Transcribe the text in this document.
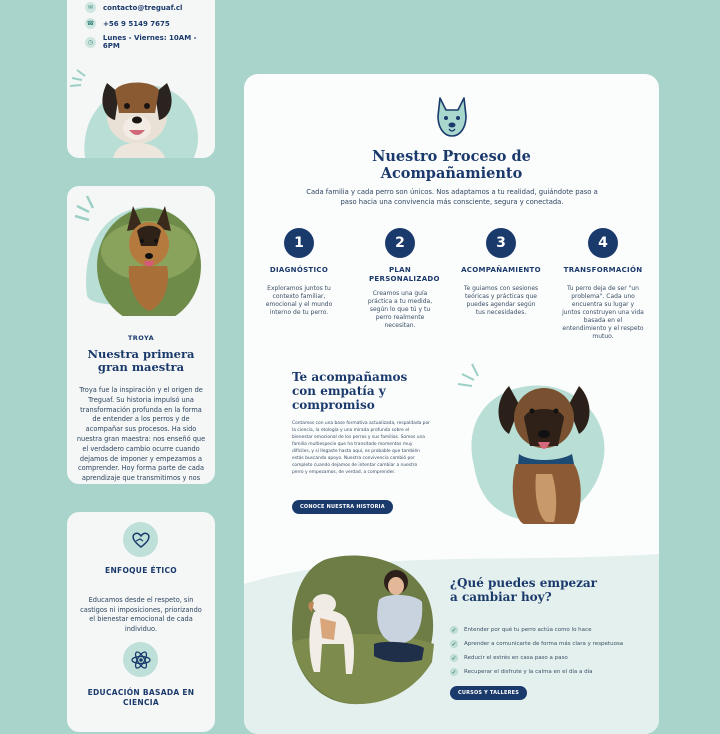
✉	contacto@treguaf.cl
☎ +56 9 5149 7675
◷	Lunes - Viernes: 10AM - 6PM
TROYA
Nuestra primera gran maestra
Troya fue la inspiración y el origen de Treguaf. Su historia impulsó una transformación profunda en la forma de entender a los perros y de acompañar sus procesos. Ha sido nuestra gran maestra: nos enseñó que el verdadero cambio ocurre cuando dejamos de imponer y empezamos a comprender. Hoy forma parte de cada aprendizaje que transmitimos y nos
ENFOQUE ÉTICO
Educamos desde el respeto, sin castigos ni imposiciones, priorizando el bienestar emocional de cada individuo.
EDUCACIÓN BASADA EN CIENCIA
Nuestro Proceso de Acompañamiento
Cada familia y cada perro son únicos. Nos adaptamos a tu realidad, guiándote paso a paso hacia una convivencia más consciente, segura y conectada.
1
DIAGNÓSTICO
Exploramos juntos tu contexto familiar, emocional y el mundo interno de tu perro.
2
PLAN PERSONALIZADO
Creamos una guía práctica a tu medida, según lo que tú y tu perro realmente necesitan.
3
ACOMPAÑAMIENTO
Te guiamos con sesiones teóricas y prácticas que puedes agendar según tus necesidades.
4
TRANSFORMACIÓN
Tu perro deja de ser "un problema". Cada uno encuentra su lugar y juntos construyen una vida basada en el entendimiento y el respeto mutuo.
Te acompañamos con empatía y compromiso
Contamos con una base formativa actualizada, respaldada por la ciencia, la etología y una mirada profunda sobre el bienestar emocional de los perros y sus familias. Somos una familia multiespecie que ha transitado momentos muy difíciles, y si llegaste hasta aquí, es probable que también estás buscando apoyo. Nuestra convivencia cambió por completo cuando dejamos de intentar cambiar a nuestro perro y empezamos, de verdad, a comprender.
CONOCE NUESTRA HISTORIA
¿Qué puedes empezar a cambiar hoy?
✓ Entender por qué tu perro actúa como lo hace
✓ Aprender a comunicarte de forma más clara y respetuosa
✓ Reducir el estrés en casa paso a paso
✓ Recuperar el disfrute y la calma en el día a día
CURSOS Y TALLERES
